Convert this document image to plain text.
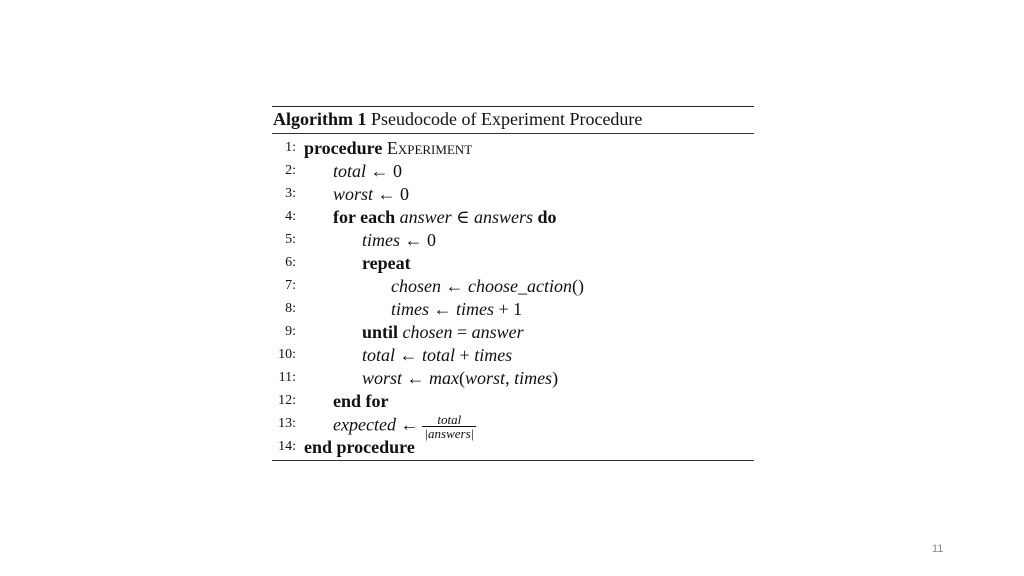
Algorithm 1 Pseudocode of Experiment Procedure
1: procedure Experiment
2: total ← 0
3: worst ← 0
4: for each answer ∈ answers do
5:	times ← 0
6:	repeat
7:	chosen ← choose_action()
8:	times ← times + 1
9:	until chosen = answer
10:	total ← total + times
11:	worst ← max(worst, times)
12: end for
13: expected ← $\frac{\text{total}}{\text{|answers|}}$
14: end procedure
11
